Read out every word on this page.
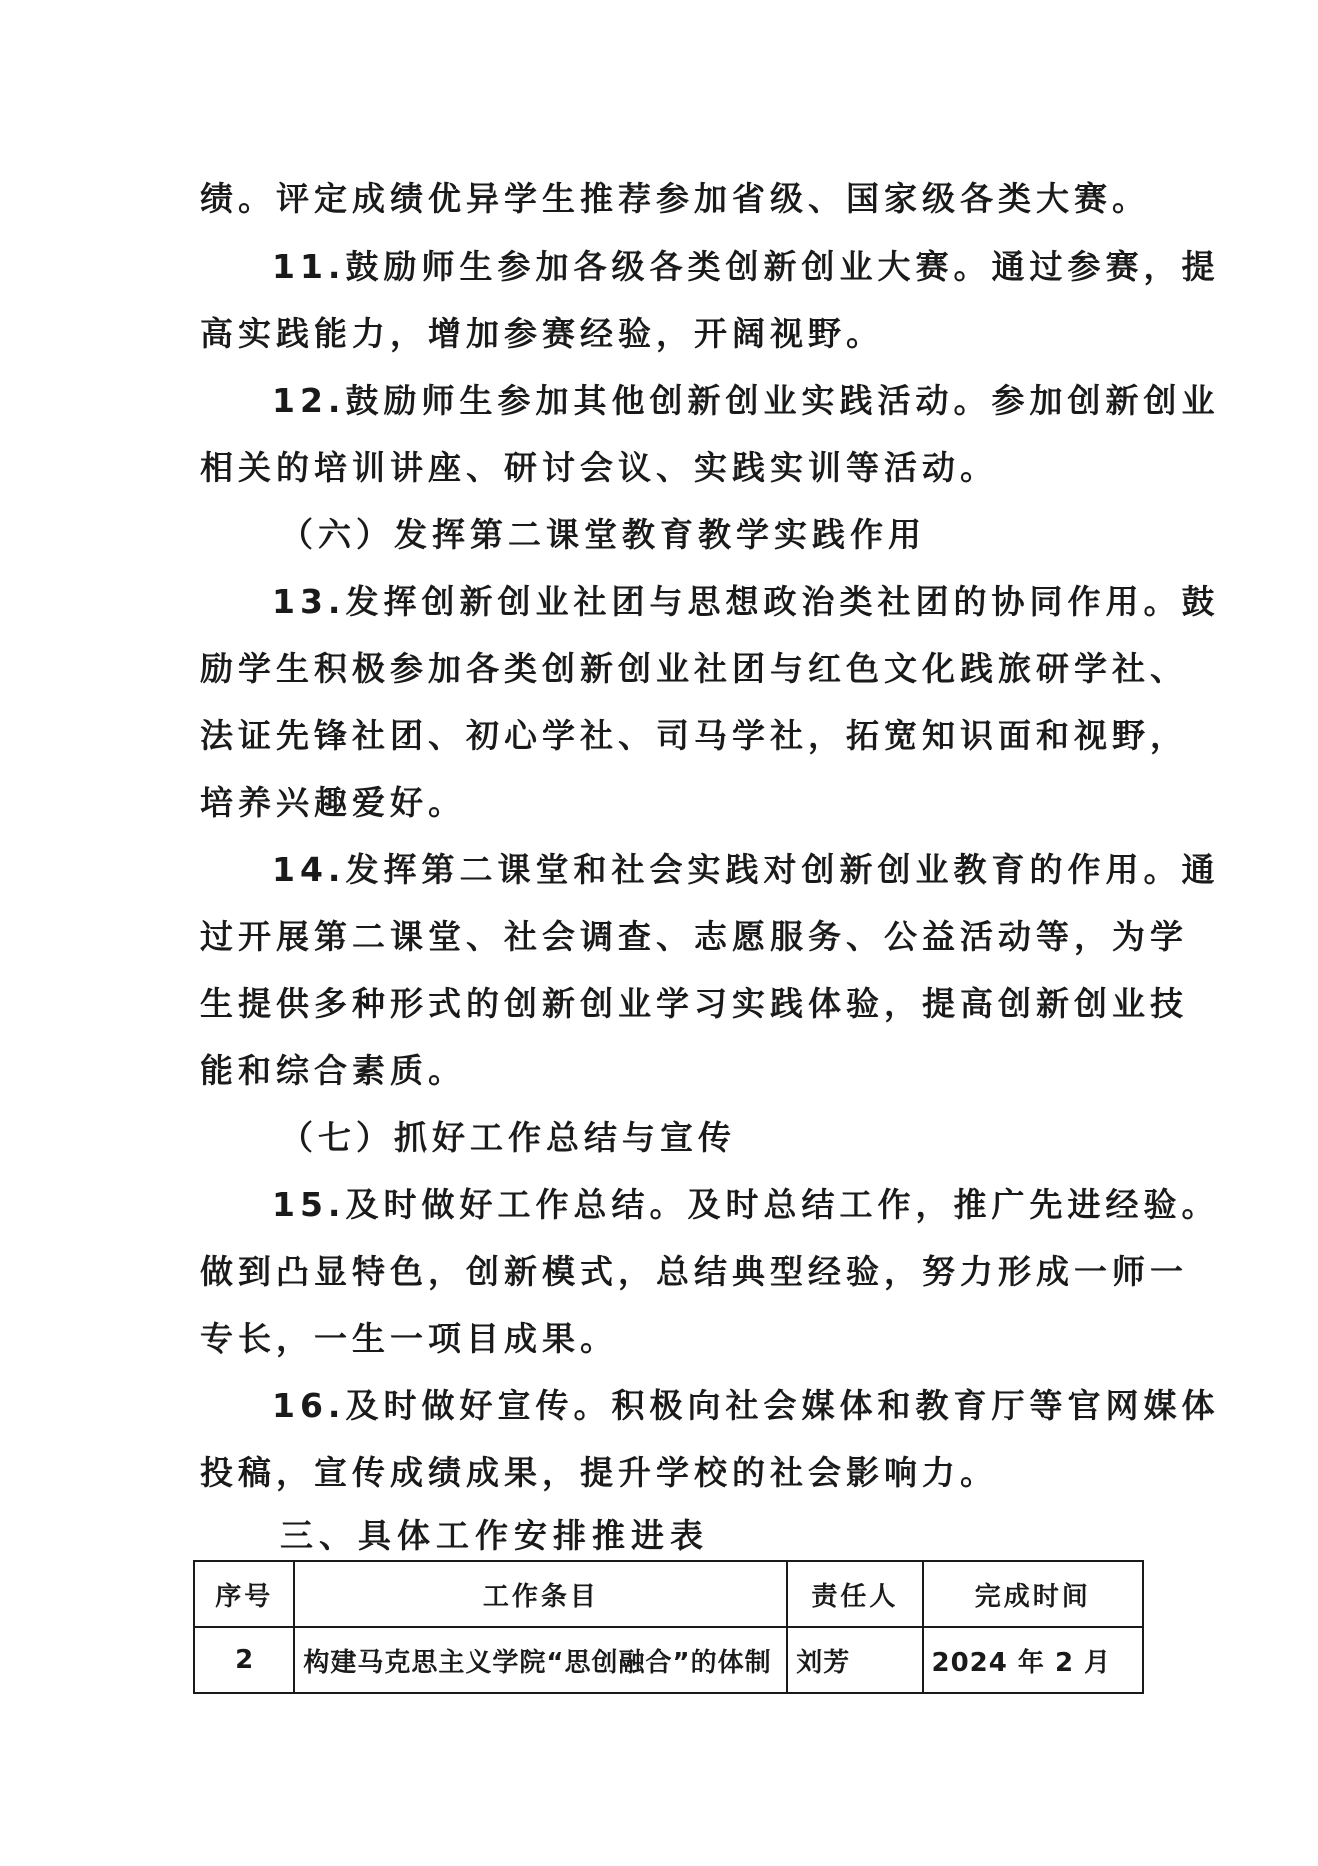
绩。评定成绩优异学生推荐参加省级、国家级各类大赛。
11.鼓励师生参加各级各类创新创业大赛。通过参赛，提
高实践能力，增加参赛经验，开阔视野。
12.鼓励师生参加其他创新创业实践活动。参加创新创业
相关的培训讲座、研讨会议、实践实训等活动。
（六）发挥第二课堂教育教学实践作用
13.发挥创新创业社团与思想政治类社团的协同作用。鼓
励学生积极参加各类创新创业社团与红色文化践旅研学社、
法证先锋社团、初心学社、司马学社，拓宽知识面和视野，
培养兴趣爱好。
14.发挥第二课堂和社会实践对创新创业教育的作用。通
过开展第二课堂、社会调查、志愿服务、公益活动等，为学
生提供多种形式的创新创业学习实践体验，提高创新创业技
能和综合素质。
（七）抓好工作总结与宣传
15.及时做好工作总结。及时总结工作，推广先进经验。
做到凸显特色，创新模式，总结典型经验，努力形成一师一
专长，一生一项目成果。
16.及时做好宣传。积极向社会媒体和教育厅等官网媒体
投稿，宣传成绩成果，提升学校的社会影响力。
三、具体工作安排推进表
序号	工作条目	责任人	完成时间
2	构建马克思主义学院“思创融合”的体制	刘芳	2024 年 2 月
